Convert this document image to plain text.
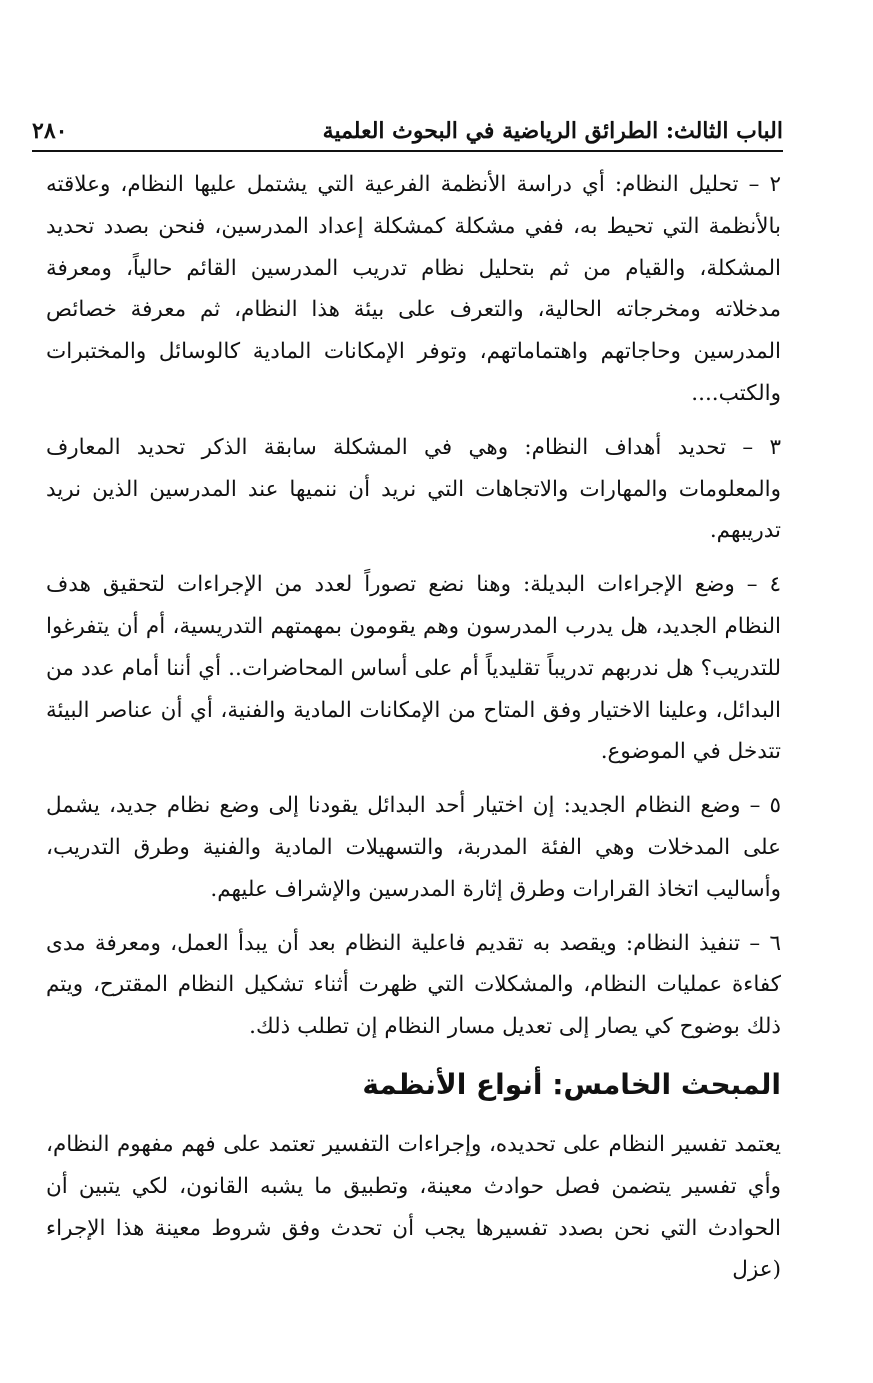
الباب الثالث: الطرائق الرياضية في البحوث العلمية
٢٨٠

٢ – تحليل النظام: أي دراسة الأنظمة الفرعية التي يشتمل عليها النظام، وعلاقته بالأنظمة التي تحيط به، ففي مشكلة كمشكلة إعداد المدرسين، فنحن بصدد تحديد المشكلة، والقيام من ثم بتحليل نظام تدريب المدرسين القائم حالياً، ومعرفة مدخلاته ومخرجاته الحالية، والتعرف على بيئة هذا النظام، ثم معرفة خصائص المدرسين وحاجاتهم واهتماماتهم، وتوفر الإمكانات المادية كالوسائل والمختبرات والكتب....

٣ – تحديد أهداف النظام: وهي في المشكلة سابقة الذكر تحديد المعارف والمعلومات والمهارات والاتجاهات التي نريد أن ننميها عند المدرسين الذين نريد تدريبهم.

٤ – وضع الإجراءات البديلة: وهنا نضع تصوراً لعدد من الإجراءات لتحقيق هدف النظام الجديد، هل يدرب المدرسون وهم يقومون بمهمتهم التدريسية، أم أن يتفرغوا للتدريب؟ هل ندربهم تدريباً تقليدياً أم على أساس المحاضرات.. أي أننا أمام عدد من البدائل، وعلينا الاختيار وفق المتاح من الإمكانات المادية والفنية، أي أن عناصر البيئة تتدخل في الموضوع.

٥ – وضع النظام الجديد: إن اختيار أحد البدائل يقودنا إلى وضع نظام جديد، يشمل على المدخلات وهي الفئة المدربة، والتسهيلات المادية والفنية وطرق التدريب، وأساليب اتخاذ القرارات وطرق إثارة المدرسين والإشراف عليهم.

٦ – تنفيذ النظام: ويقصد به تقديم فاعلية النظام بعد أن يبدأ العمل، ومعرفة مدى كفاءة عمليات النظام، والمشكلات التي ظهرت أثناء تشكيل النظام المقترح، ويتم ذلك بوضوح كي يصار إلى تعديل مسار النظام إن تطلب ذلك.

المبحث الخامس: أنواع الأنظمة

يعتمد تفسير النظام على تحديده، وإجراءات التفسير تعتمد على فهم مفهوم النظام، وأي تفسير يتضمن فصل حوادث معينة، وتطبيق ما يشبه القانون، لكي يتبين أن الحوادث التي نحن بصدد تفسيرها يجب أن تحدث وفق شروط معينة هذا الإجراء (عزل
